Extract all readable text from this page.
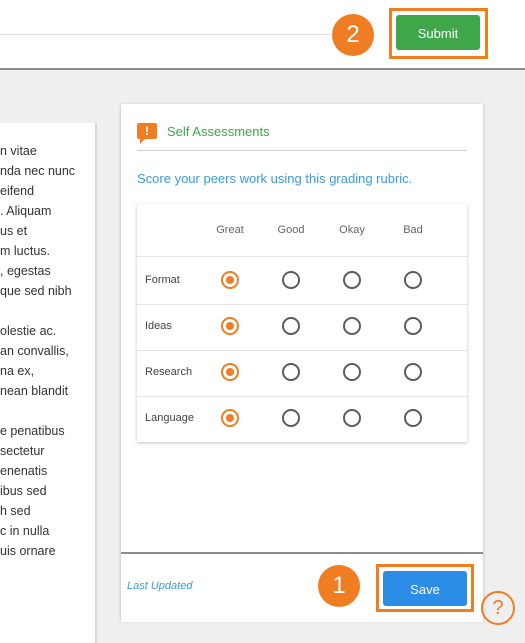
2	Submit
n vitae
nda nec nunc
eifend
. Aliquam
us et
m luctus.
, egestas
que sed nibh
olestie ac.
an convallis,
na ex,
nean blandit
e penatibus
sectetur
enenatis
ibus sed
h sed
c in nulla
uis ornare
!	Self Assessments
Score your peers work using this grading rubric.
Great	Good	Okay	Bad
Format
Ideas
Research
Language
Last Updated	1	Save
?
